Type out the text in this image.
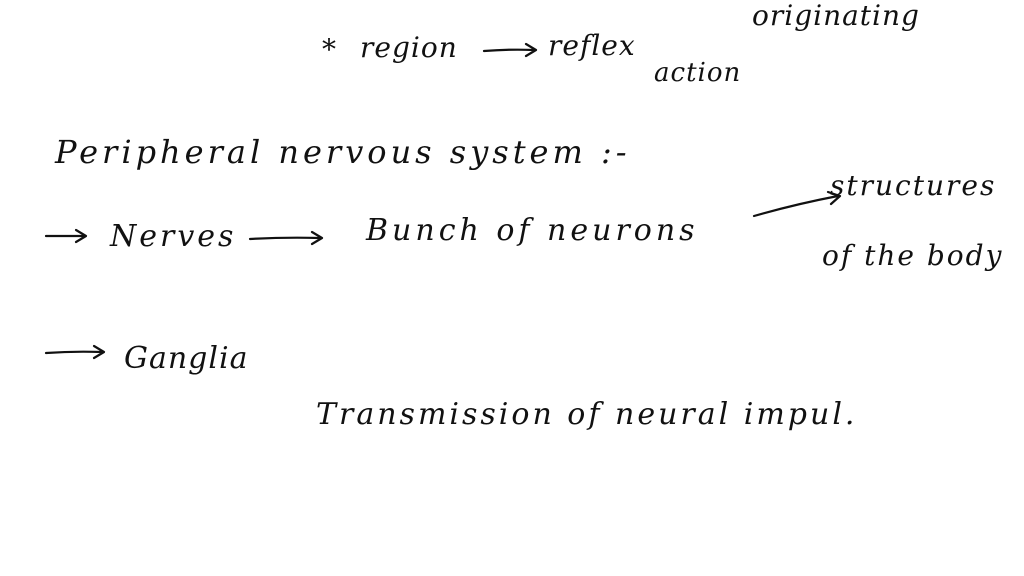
* region	reflex
action
originating
Peripheral nervous system :-
Nerves	Bunch of neurons
structures
of the body
Ganglia
Transmission of neural impul.
